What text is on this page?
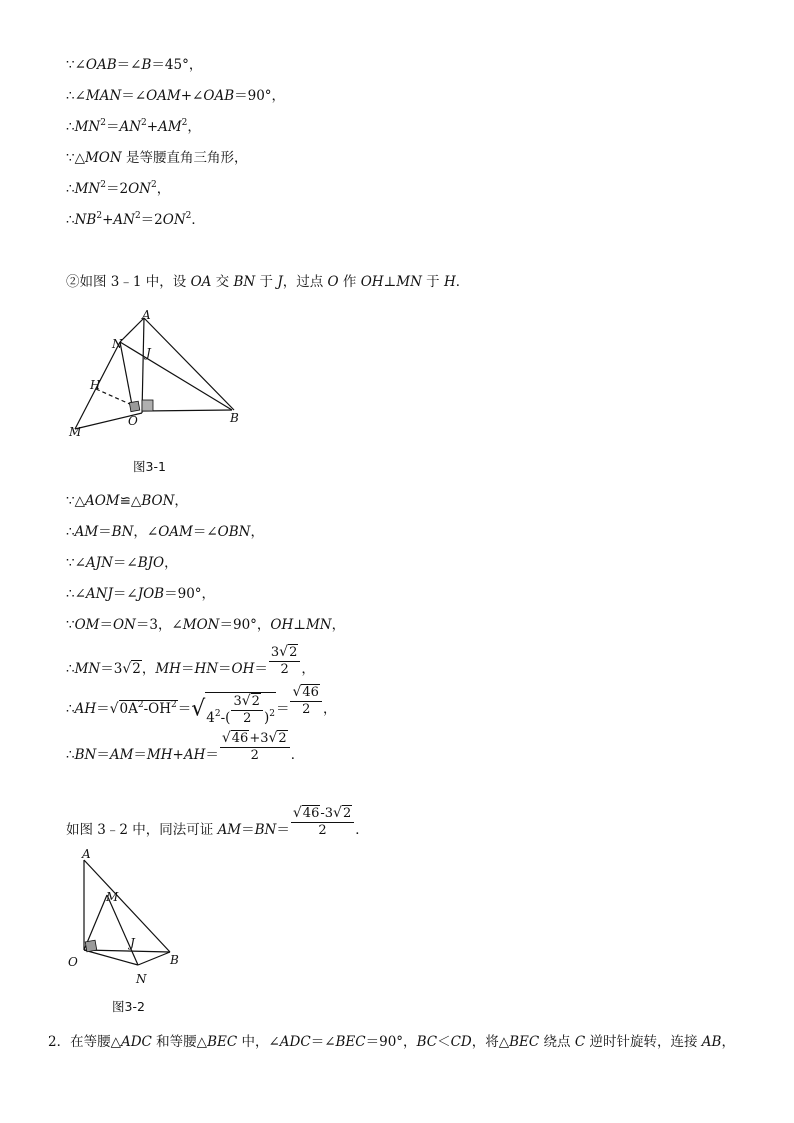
∵∠OAB＝∠B＝45°，
∴∠MAN＝∠OAM+∠OAB＝90°，
$\therefore MN^2=AN^2+AM^2$，
∵△MON 是等腰直角三角形，
$\therefore MN^2=2ON^2$，
$\therefore NB^2+AN^2=2ON^2$．
②如图 3﹣1 中，设 OA 交 BN 于 J，过点 O 作 OH⊥MN 于 H．
A
N
J
H
O	B
M
图3-1
∵△AOM≌△BON，
∴AM＝BN，∠OAM＝∠OBN，
∵∠AJN＝∠BJO，
∴∠ANJ＝∠JOB＝90°，
∵OM＝ON＝3，∠MON＝90°，OH⊥MN，
∴MN＝3√2，$MH=HN=OH= \frac{3√2}{2}$ ，
$\therefore AH=√0A^2-OH^2=√4^2-( \frac{3√2}{2} )^2= \frac{√46}{2}$ ，
∴BN＝AM＝MH+AH＝ $\frac{√46+3√2}{2}$ ．
如图 3﹣2 中，同法可证 $AM=BN= \frac{√46-3√2}{2}$ ．
A
M
J
O	B
N
图3-2
2．在等腰△ADC 和等腰△BEC 中，∠ADC＝∠BEC＝90°，BC＜CD，将△BEC 绕点 C 逆时针旋转，连接 AB，
